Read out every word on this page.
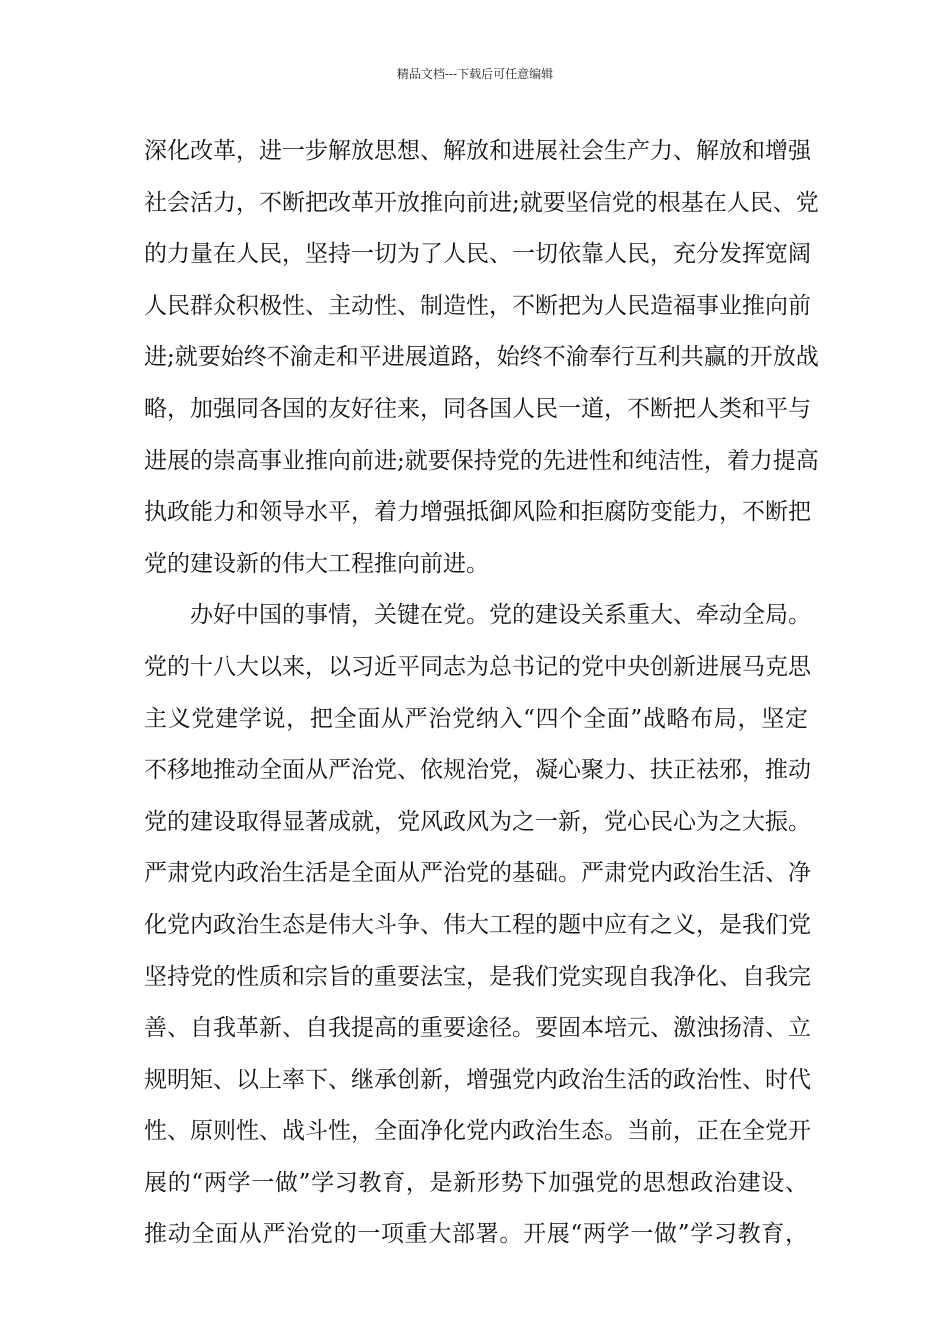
精品文档---下载后可任意编辑
深化改革，进一步解放思想、解放和进展社会生产力、解放和增强
社会活力，不断把改革开放推向前进;就要坚信党的根基在人民、党
的力量在人民，坚持一切为了人民、一切依靠人民，充分发挥宽阔
人民群众积极性、主动性、制造性，不断把为人民造福事业推向前
进;就要始终不渝走和平进展道路，始终不渝奉行互利共赢的开放战
略，加强同各国的友好往来，同各国人民一道，不断把人类和平与
进展的崇高事业推向前进;就要保持党的先进性和纯洁性，着力提高
执政能力和领导水平，着力增强抵御风险和拒腐防变能力，不断把
党的建设新的伟大工程推向前进。
办好中国的事情，关键在党。党的建设关系重大、牵动全局。
党的十八大以来，以习近平同志为总书记的党中央创新进展马克思
主义党建学说，把全面从严治党纳入“四个全面”战略布局，坚定
不移地推动全面从严治党、依规治党，凝心聚力、扶正祛邪，推动
党的建设取得显著成就，党风政风为之一新，党心民心为之大振。
严肃党内政治生活是全面从严治党的基础。严肃党内政治生活、净
化党内政治生态是伟大斗争、伟大工程的题中应有之义，是我们党
坚持党的性质和宗旨的重要法宝，是我们党实现自我净化、自我完
善、自我革新、自我提高的重要途径。要固本培元、激浊扬清、立
规明矩、以上率下、继承创新，增强党内政治生活的政治性、时代
性、原则性、战斗性，全面净化党内政治生态。当前，正在全党开
展的“两学一做”学习教育，是新形势下加强党的思想政治建设、
推动全面从严治党的一项重大部署。开展“两学一做”学习教育，
